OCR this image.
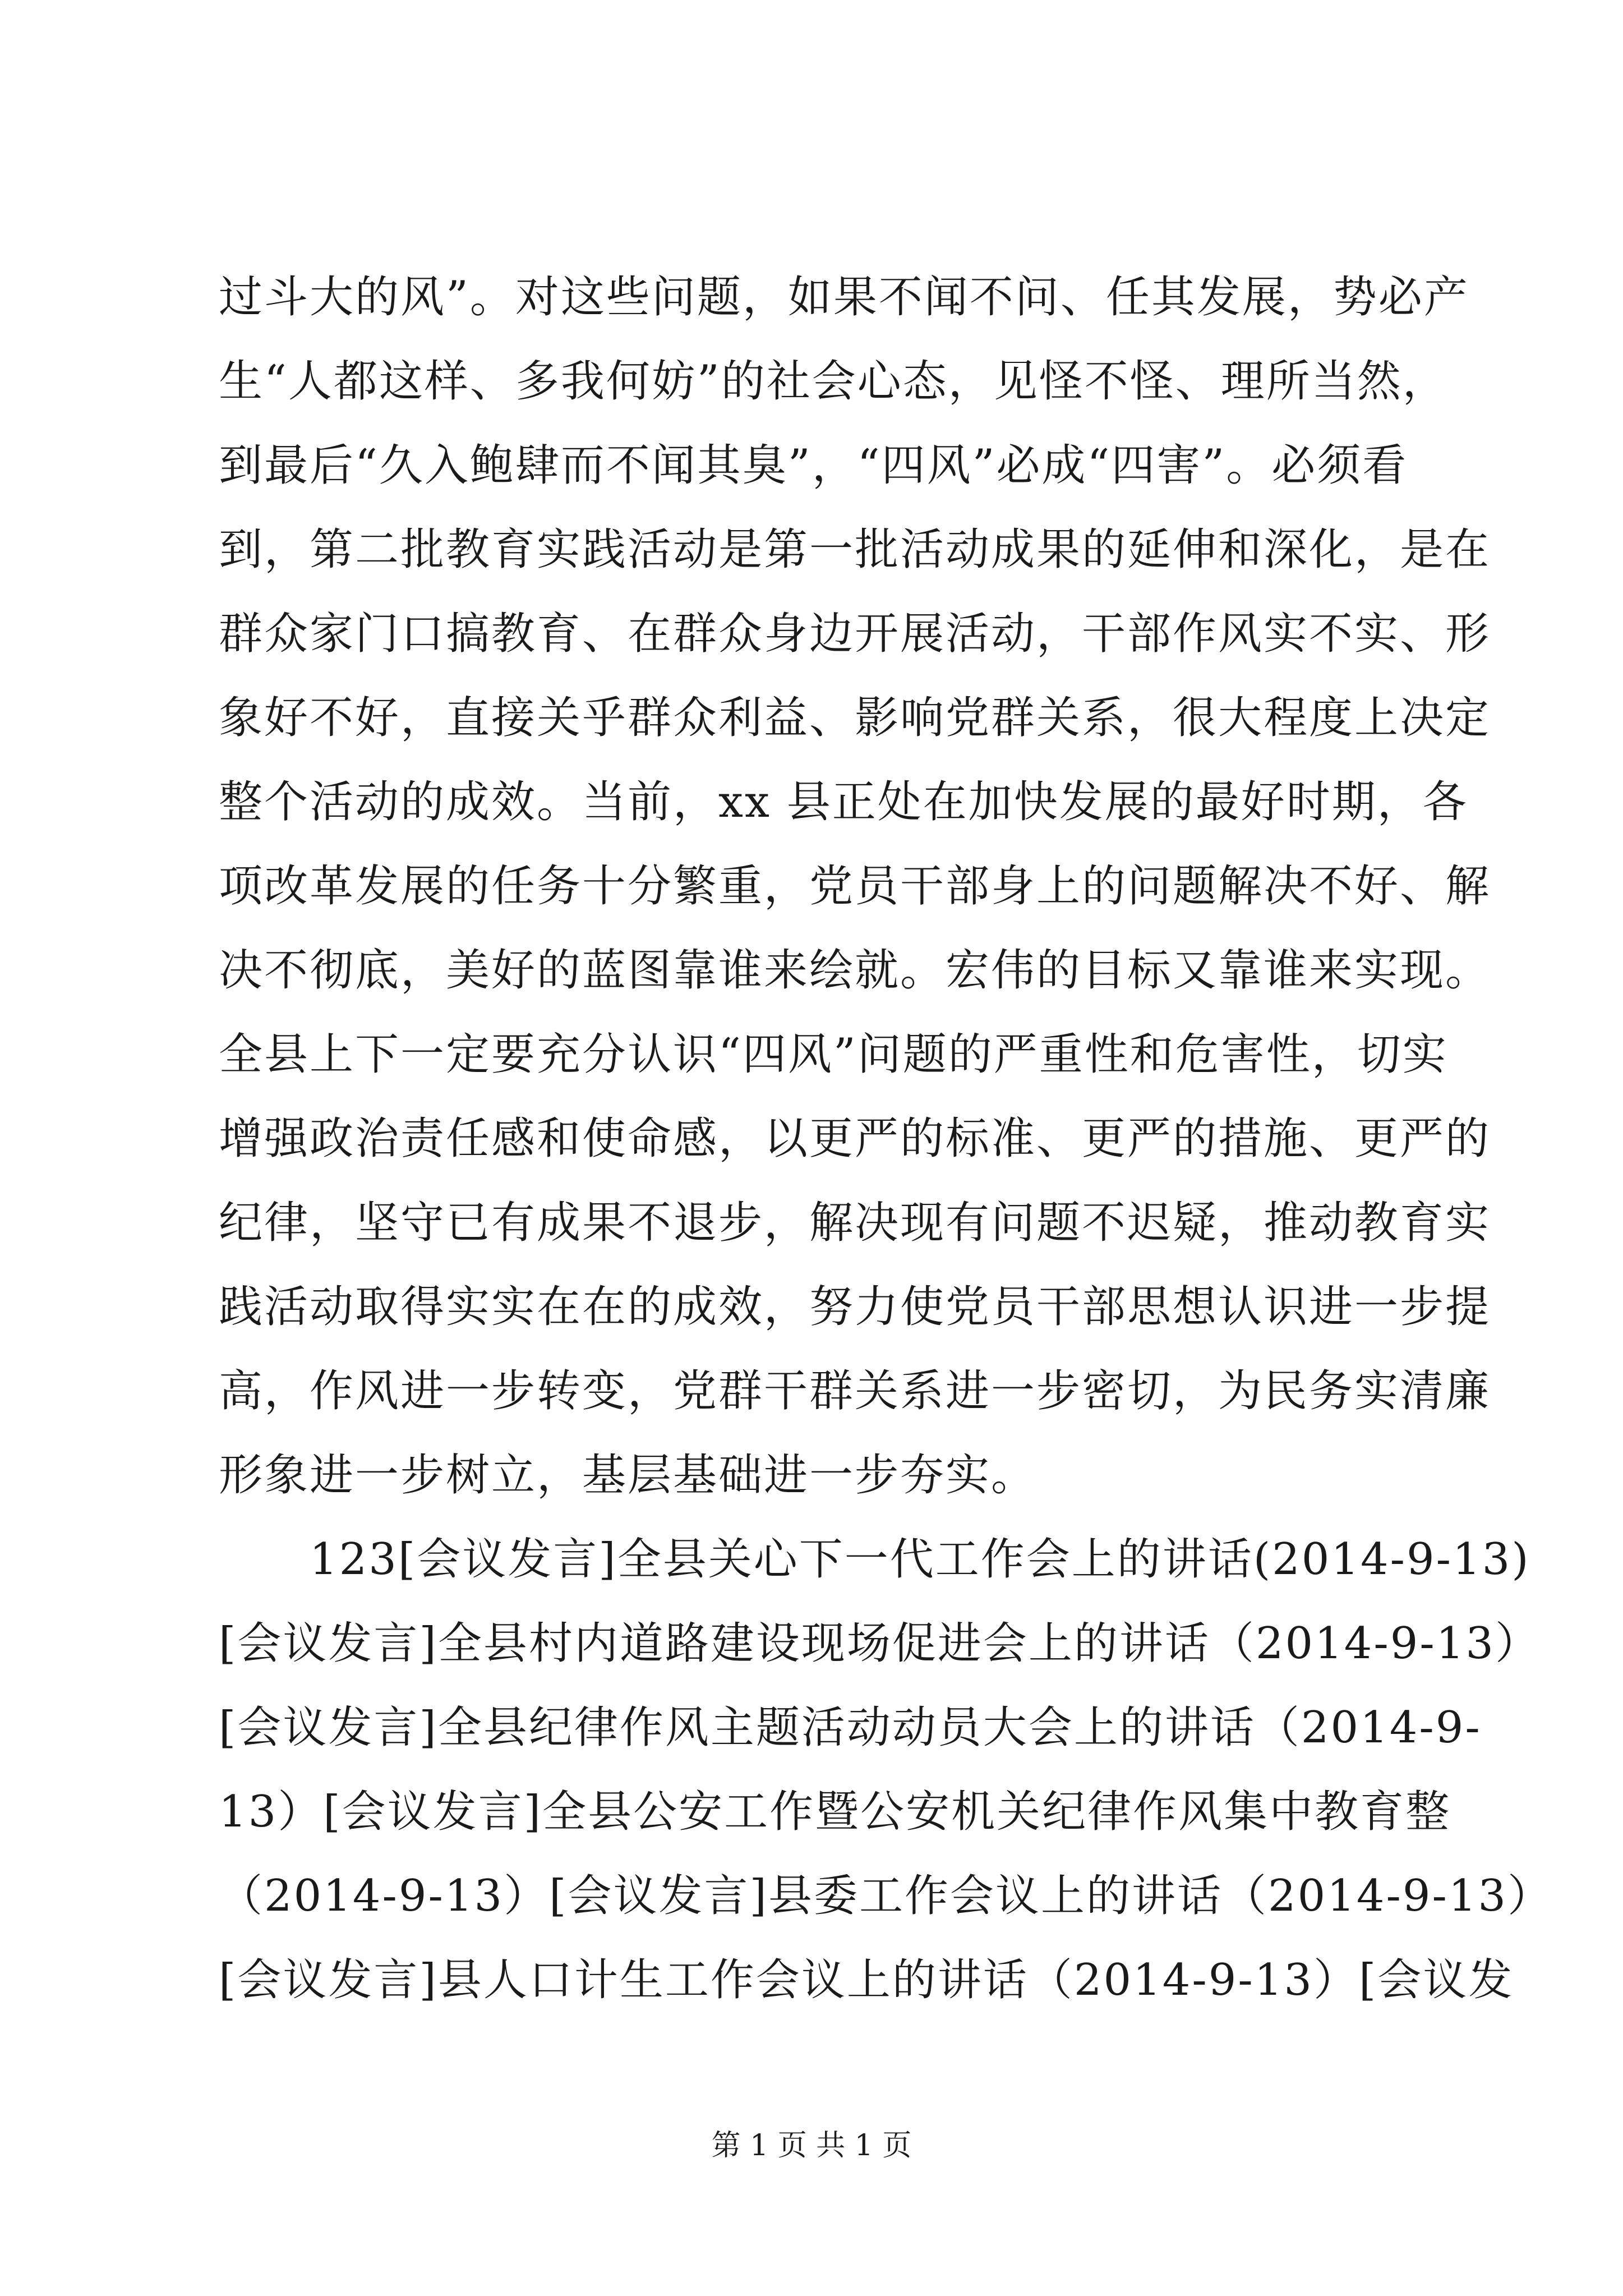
过斗大的风”。对这些问题，如果不闻不问、任其发展，势必产
生“人都这样、多我何妨”的社会心态，见怪不怪、理所当然，
到最后“久入鲍肆而不闻其臭”，“四风”必成“四害”。必须看
到，第二批教育实践活动是第一批活动成果的延伸和深化，是在
群众家门口搞教育、在群众身边开展活动，干部作风实不实、形
象好不好，直接关乎群众利益、影响党群关系，很大程度上决定
整个活动的成效。当前，xx 县正处在加快发展的最好时期，各
项改革发展的任务十分繁重，党员干部身上的问题解决不好、解
决不彻底，美好的蓝图靠谁来绘就。宏伟的目标又靠谁来实现。
全县上下一定要充分认识“四风”问题的严重性和危害性，切实
增强政治责任感和使命感，以更严的标准、更严的措施、更严的
纪律，坚守已有成果不退步，解决现有问题不迟疑，推动教育实
践活动取得实实在在的成效，努力使党员干部思想认识进一步提
高，作风进一步转变，党群干群关系进一步密切，为民务实清廉
形象进一步树立，基层基础进一步夯实。
　　123[会议发言]全县关心下一代工作会上的讲话(2014-9-13)
[会议发言]全县村内道路建设现场促进会上的讲话（2014-9-13）
[会议发言]全县纪律作风主题活动动员大会上的讲话（2014-9-
13）[会议发言]全县公安工作暨公安机关纪律作风集中教育整
（2014-9-13）[会议发言]县委工作会议上的讲话（2014-9-13）
[会议发言]县人口计生工作会议上的讲话（2014-9-13）[会议发
第 1 页 共 1 页
